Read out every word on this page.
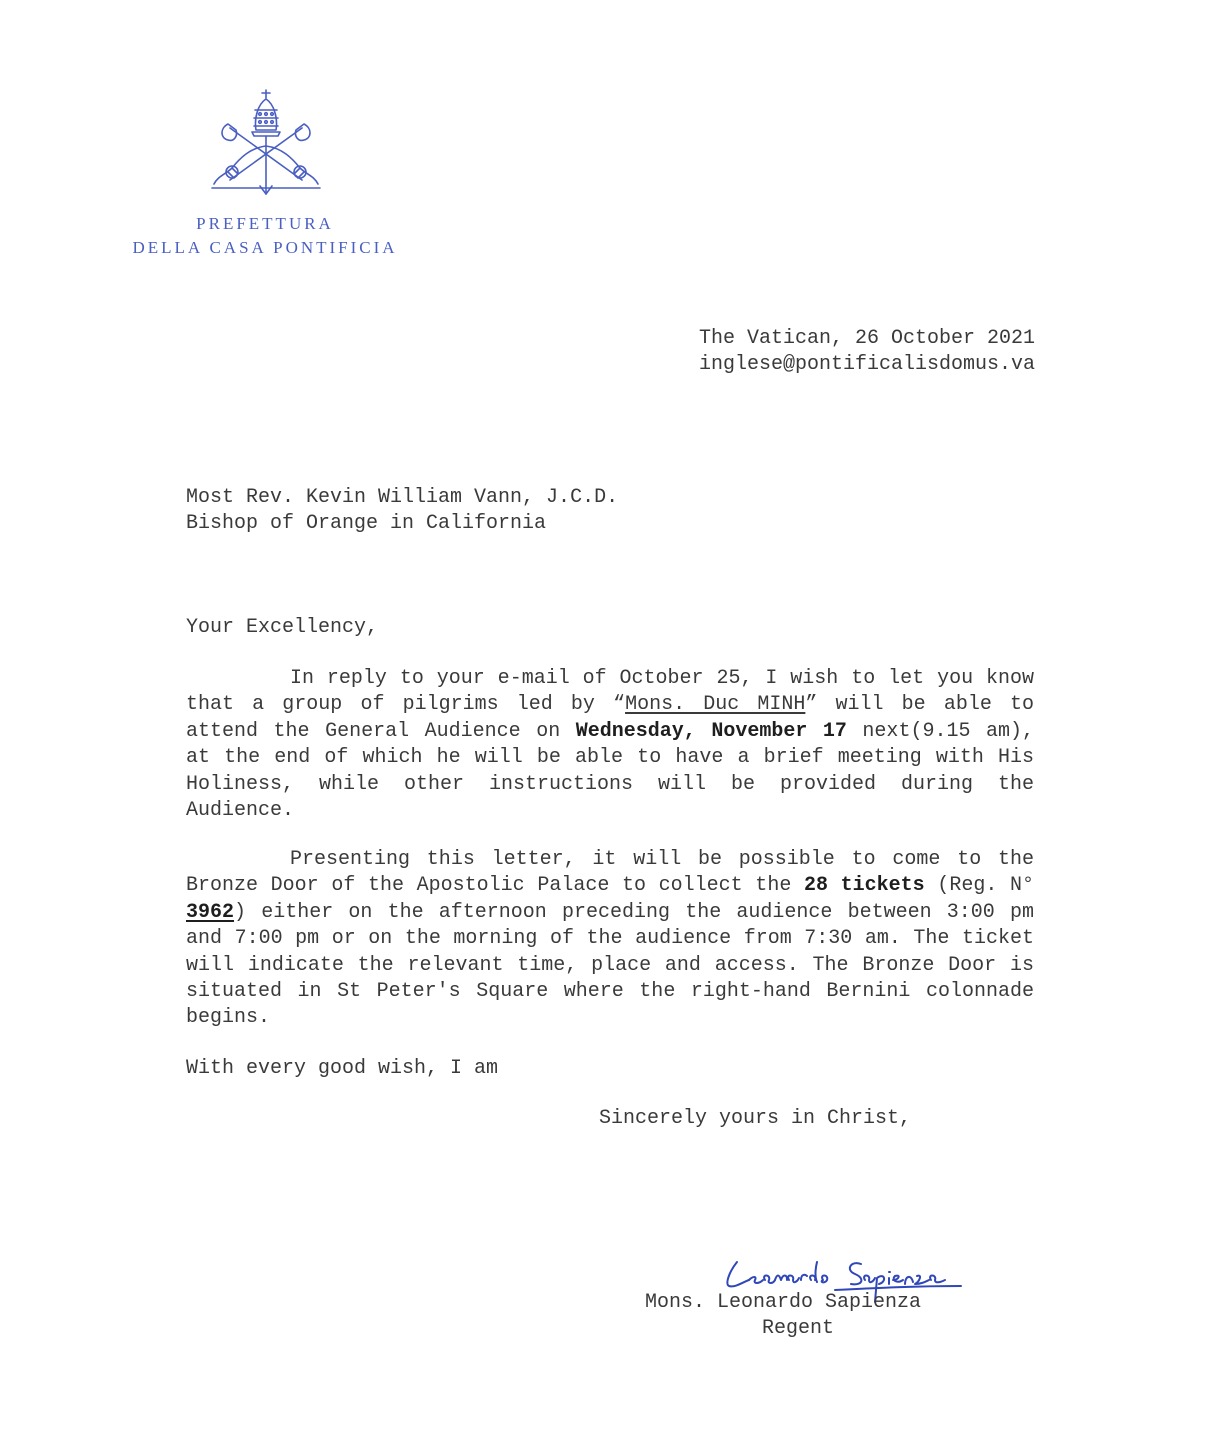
PREFETTURA
DELLA CASA PONTIFICIA
The Vatican, 26 October 2021
inglese@pontificalisdomus.va
Most Rev. Kevin William Vann, J.C.D.
Bishop of Orange in California
Your Excellency,

In reply to your e-mail of October 25, I wish to let you know that a group of pilgrims led by “Mons. Duc MINH” will be able to attend the General Audience on Wednesday, November 17 next(9.15 am), at the end of which he will be able to have a brief meeting with His Holiness, while other instructions will be provided during the Audience.

Presenting this letter, it will be possible to come to the Bronze Door of the Apostolic Palace to collect the 28 tickets (Reg. N° 3962) either on the afternoon preceding the audience between 3:00 pm and 7:00 pm or on the morning of the audience from 7:30 am. The ticket will indicate the relevant time, place and access. The Bronze Door is situated in St Peter's Square where the right-hand Bernini colonnade begins.

With every good wish, I am
Sincerely yours in Christ,
Mons. Leonardo Sapienza
Regent
